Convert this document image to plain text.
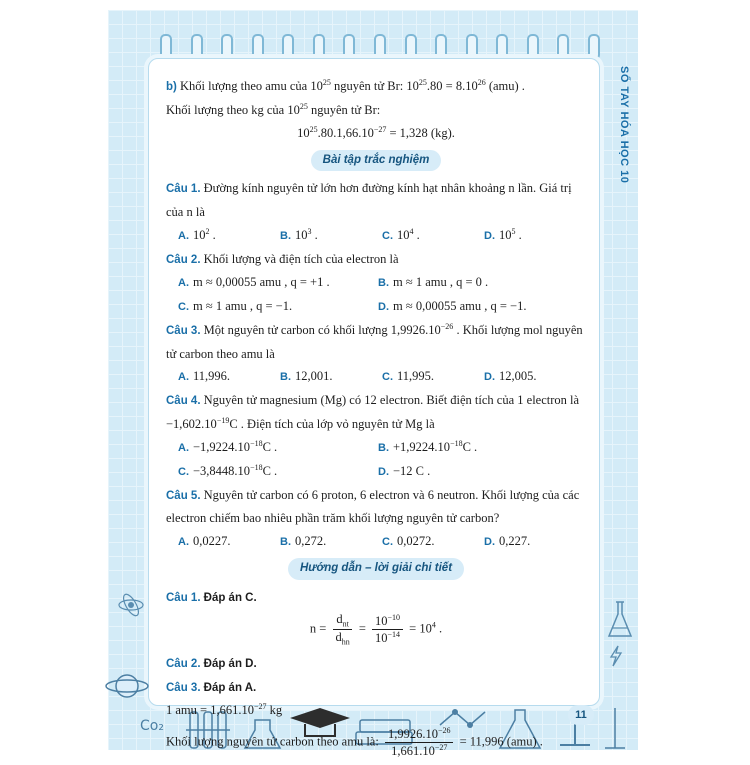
SỔ TAY HÓA HỌC 10
Co₂
b) Khối lượng theo amu của $10^{25}$ nguyên tử Br: $10^{25}.80 = 8.10^{26}$ (amu) .
Khối lượng theo kg của $10^{25}$ nguyên tử Br:
$10^{25}.80.1,66.10^{-27} = 1,328$ (kg).
Bài tập trắc nghiệm
Câu 1. Đường kính nguyên tử lớn hơn đường kính hạt nhân khoảng n lần. Giá trị
của n là
A. $10^2$ .	B. $10^3$ .	C. $10^4$ .	D. $10^5$ .
Câu 2. Khối lượng và điện tích của electron là
A. m ≈ 0,00055 amu , q = +1 .	B. m ≈ 1 amu , q = 0 .
C. m ≈ 1 amu , q = −1.	D. m ≈ 0,00055 amu , q = −1.
Câu 3. Một nguyên tử carbon có khối lượng $1,9926.10^{-26}$ . Khối lượng mol nguyên
tử carbon theo amu là
A. 11,996.	B. 12,001.	C. 11,995.	D. 12,005.
Câu 4. Nguyên tử magnesium (Mg) có 12 electron. Biết điện tích của 1 electron là
$-1,602.10^{-19}C$ . Điện tích của lớp vỏ nguyên tử Mg là
A. $-1,9224.10^{-18}C$ .	B. $+1,9224.10^{-18}C$ .
C. $-3,8448.10^{-18}C$ .	D. −12 C .
Câu 5. Nguyên tử carbon có 6 proton, 6 electron và 6 neutron. Khối lượng của các
electron chiếm bao nhiêu phần trăm khối lượng nguyên tử carbon?
A. 0,0227.	B. 0,272.	C. 0,0272.	D. 0,227.
Hướng dẫn – lời giải chi tiết
Câu 1. Đáp án C.
$n = \frac{d_{nt}}{d_{hn}} = \frac{10^{-10}}{10^{-14}} = 10^4$ .
Câu 2. Đáp án D.
Câu 3. Đáp án A.
1 amu = $1,661.10^{-27}$ kg
Khối lượng nguyên tử carbon theo amu là: $\frac{1,9926.10^{-26}}{1,661.10^{-27}} = 11,996$ (amu) .
11
